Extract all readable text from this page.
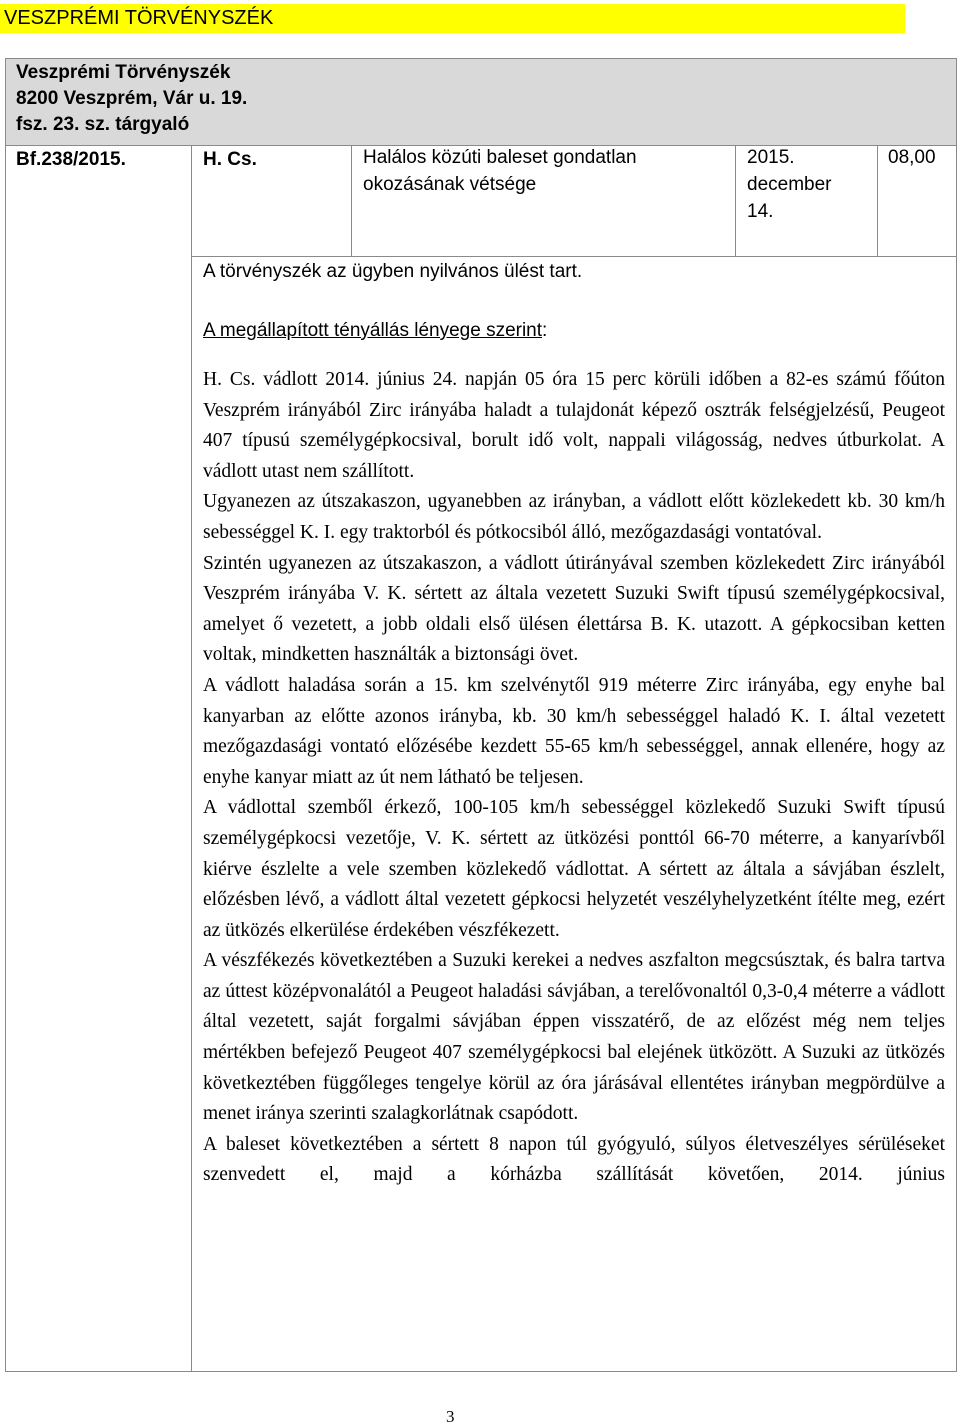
VESZPRÉMI TÖRVÉNYSZÉK
Veszprémi Törvényszék
8200 Veszprém, Vár u. 19.
fsz. 23. sz. tárgyaló
Bf.238/2015.	H. Cs.	Halálos közúti baleset gondatlan
okozásának vétsége
2015.
december
14.
08,00
A törvényszék az ügyben nyilvános ülést tart.
A megállapított tényállás lényege szerint:

H. Cs. vádlott 2014. június 24. napján 05 óra 15 perc körüli időben a 82-es számú főúton Veszprém irányából Zirc irányába haladt a tulajdonát képező osztrák felségjelzésű, Peugeot 407 típusú személygépkocsival, borult idő volt, nappali világosság, nedves útburkolat. A vádlott utast nem szállított.

Ugyanezen az útszakaszon, ugyanebben az irányban, a vádlott előtt közlekedett kb. 30 km/h sebességgel K. I. egy traktorból és pótkocsiból álló, mezőgazdasági vontatóval.

Szintén ugyanezen az útszakaszon, a vádlott útirányával szemben közlekedett Zirc irányából Veszprém irányába V. K. sértett az általa vezetett Suzuki Swift típusú személygépkocsival, amelyet ő vezetett, a jobb oldali első ülésen élettársa B. K. utazott. A gépkocsiban ketten voltak, mindketten használták a biztonsági övet.

A vádlott haladása során a 15. km szelvénytől 919 méterre Zirc irányába, egy enyhe bal kanyarban az előtte azonos irányba, kb. 30 km/h sebességgel haladó K. I. által vezetett mezőgazdasági vontató előzésébe kezdett 55-65 km/h sebességgel, annak ellenére, hogy az enyhe kanyar miatt az út nem látható be teljesen.

A vádlottal szemből érkező, 100-105 km/h sebességgel közlekedő Suzuki Swift típusú személygépkocsi vezetője, V. K. sértett az ütközési ponttól 66-70 méterre, a kanyarívből kiérve észlelte a vele szemben közlekedő vádlottat. A sértett az általa a sávjában észlelt, előzésben lévő, a vádlott által vezetett gépkocsi helyzetét veszélyhelyzetként ítélte meg, ezért az ütközés elkerülése érdekében vészfékezett.

A vészfékezés következtében a Suzuki kerekei a nedves aszfalton megcsúsztak, és balra tartva az úttest középvonalától a Peugeot haladási sávjában, a terelővonaltól 0,3-0,4 méterre a vádlott által vezetett, saját forgalmi sávjában éppen visszatérő, de az előzést még nem teljes mértékben befejező Peugeot 407 személygépkocsi bal elejének ütközött. A Suzuki az ütközés következtében függőleges tengelye körül az óra járásával ellentétes irányban megpördülve a menet iránya szerinti szalagkorlátnak csapódott.

A baleset következtében a sértett 8 napon túl gyógyuló, súlyos életveszélyes sérüléseket szenvedett el, majd a kórházba szállítását követően, 2014. június

3
